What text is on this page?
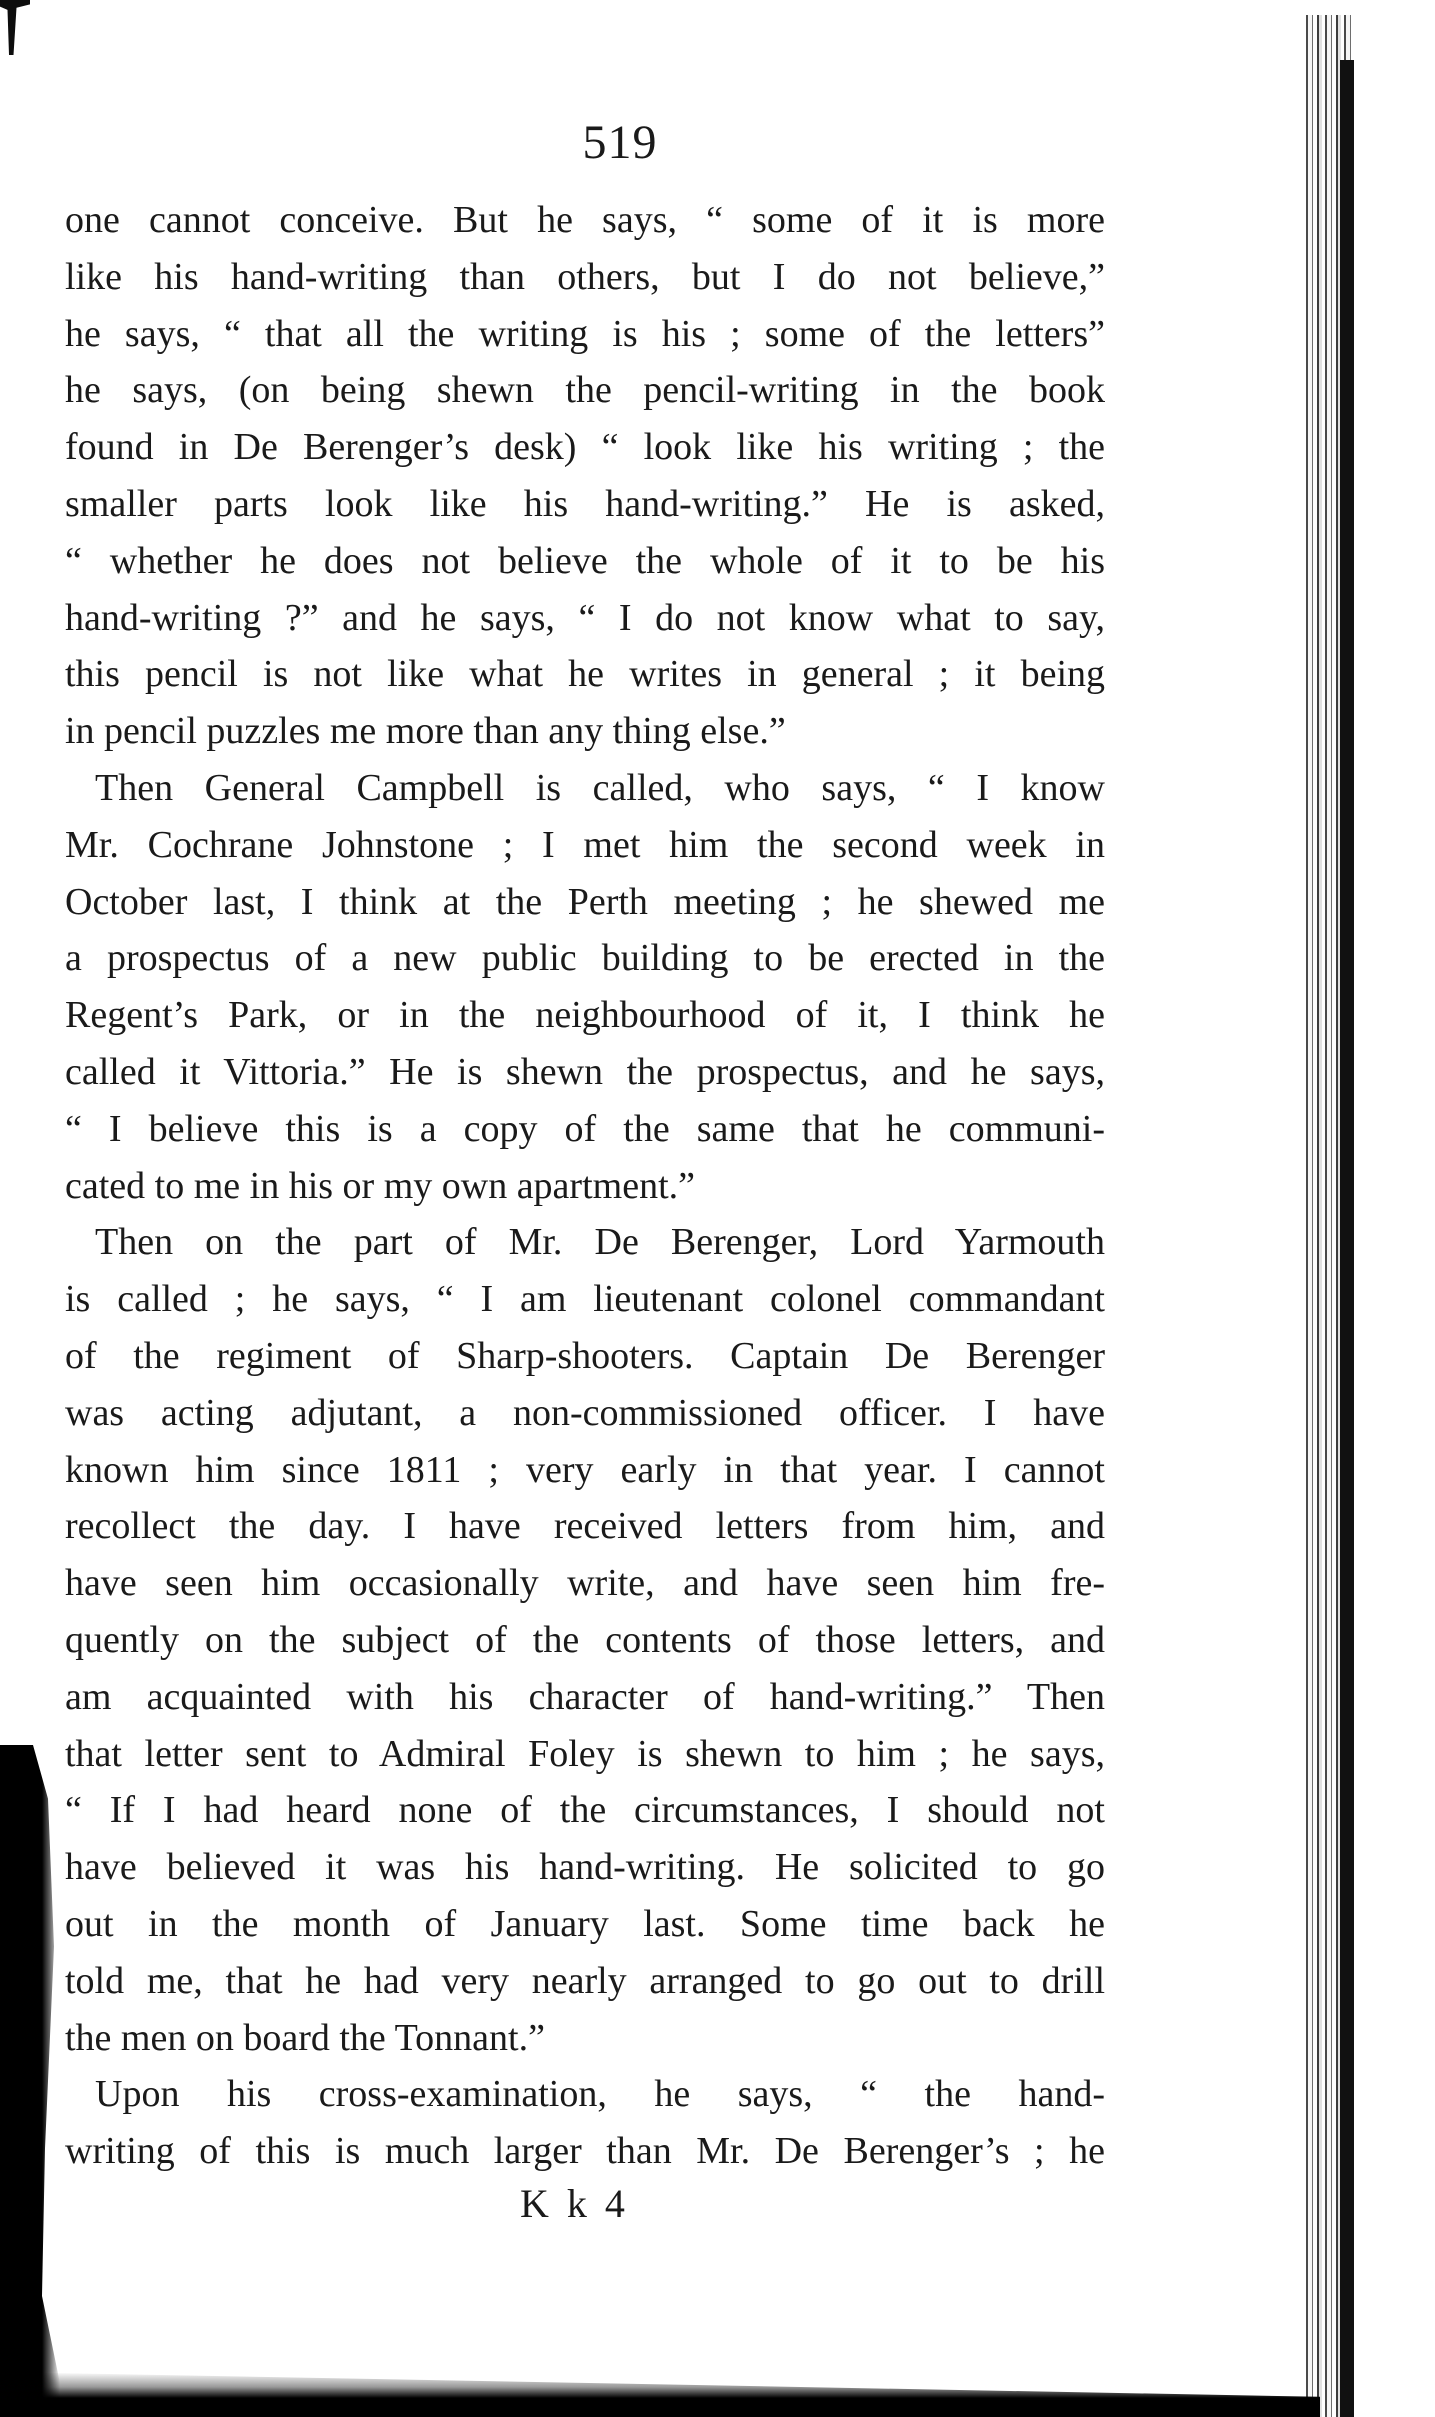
519
one cannot conceive. But he says, “ some of it is more
like his hand-writing than others, but I do not believe,”
he says, “ that all the writing is his ; some of the letters”
he says, (on being shewn the pencil-writing in the book
found in De Berenger’s desk) “ look like his writing ; the
smaller parts look like his hand-writing.” He is asked,
“ whether he does not believe the whole of it to be his
hand-writing ?” and he says, “ I do not know what to say,
this pencil is not like what he writes in general ; it being
in pencil puzzles me more than any thing else.”
Then General Campbell is called, who says, “ I know
Mr. Cochrane Johnstone ; I met him the second week in
October last, I think at the Perth meeting ; he shewed me
a prospectus of a new public building to be erected in the
Regent’s Park, or in the neighbourhood of it, I think he
called it Vittoria.” He is shewn the prospectus, and he says,
“ I believe this is a copy of the same that he communi-
cated to me in his or my own apartment.”
Then on the part of Mr. De Berenger, Lord Yarmouth
is called ; he says, “ I am lieutenant colonel commandant
of the regiment of Sharp-shooters. Captain De Berenger
was acting adjutant, a non-commissioned officer. I have
known him since 1811 ; very early in that year. I cannot
recollect the day. I have received letters from him, and
have seen him occasionally write, and have seen him fre-
quently on the subject of the contents of those letters, and
am acquainted with his character of hand-writing.” Then
that letter sent to Admiral Foley is shewn to him ; he says,
“ If I had heard none of the circumstances, I should not
have believed it was his hand-writing. He solicited to go
out in the month of January last. Some time back he
told me, that he had very nearly arranged to go out to drill
the men on board the Tonnant.”
Upon his cross-examination, he says, “ the hand-
writing of this is much larger than Mr. De Berenger’s ; he
K k 4
